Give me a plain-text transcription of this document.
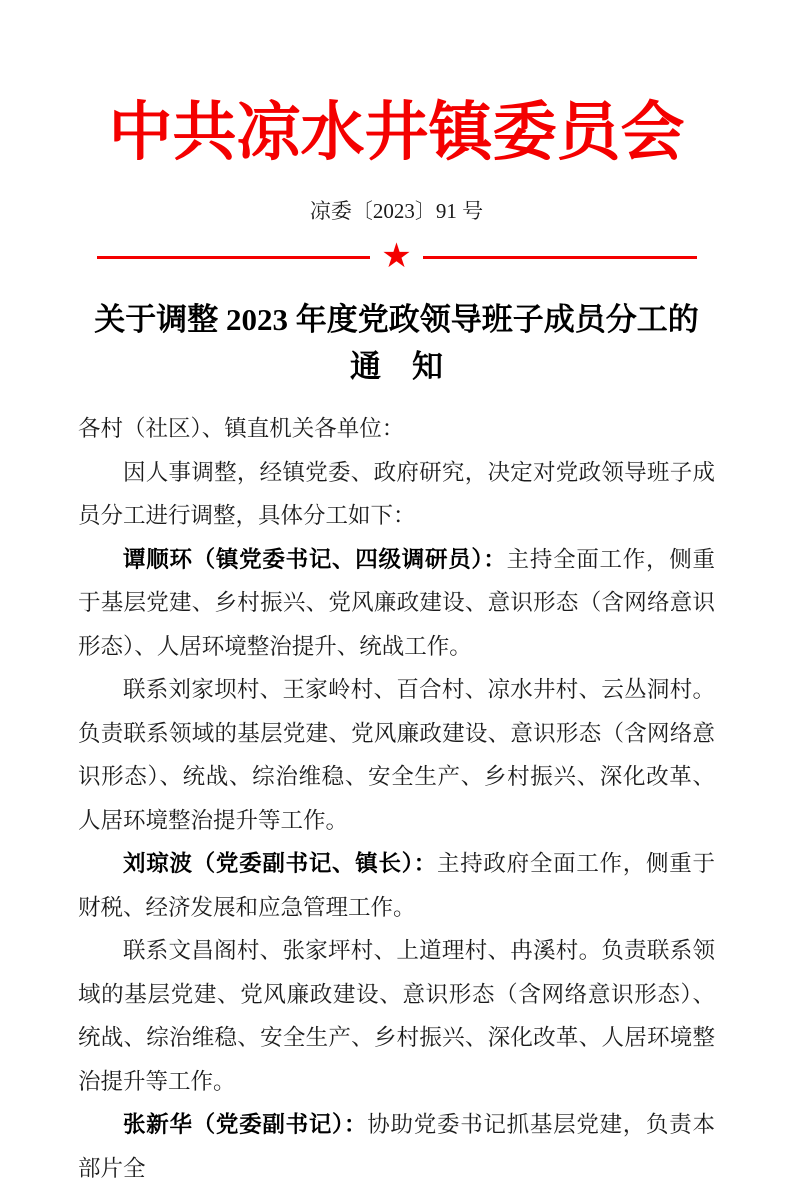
中共凉水井镇委员会
凉委〔2023〕91 号
★
关于调整 2023 年度党政领导班子成员分工的
通　知

各村（社区）、镇直机关各单位：

因人事调整，经镇党委、政府研究，决定对党政领导班子成员分工进行调整，具体分工如下：

谭顺环（镇党委书记、四级调研员）：主持全面工作，侧重于基层党建、乡村振兴、党风廉政建设、意识形态（含网络意识形态）、人居环境整治提升、统战工作。

联系刘家坝村、王家岭村、百合村、凉水井村、云丛洞村。负责联系领域的基层党建、党风廉政建设、意识形态（含网络意识形态）、统战、综治维稳、安全生产、乡村振兴、深化改革、人居环境整治提升等工作。

刘琼波（党委副书记、镇长）：主持政府全面工作，侧重于财税、经济发展和应急管理工作。

联系文昌阁村、张家坪村、上道理村、冉溪村。负责联系领域的基层党建、党风廉政建设、意识形态（含网络意识形态）、统战、综治维稳、安全生产、乡村振兴、深化改革、人居环境整治提升等工作。

张新华（党委副书记）：协助党委书记抓基层党建，负责本部片全
